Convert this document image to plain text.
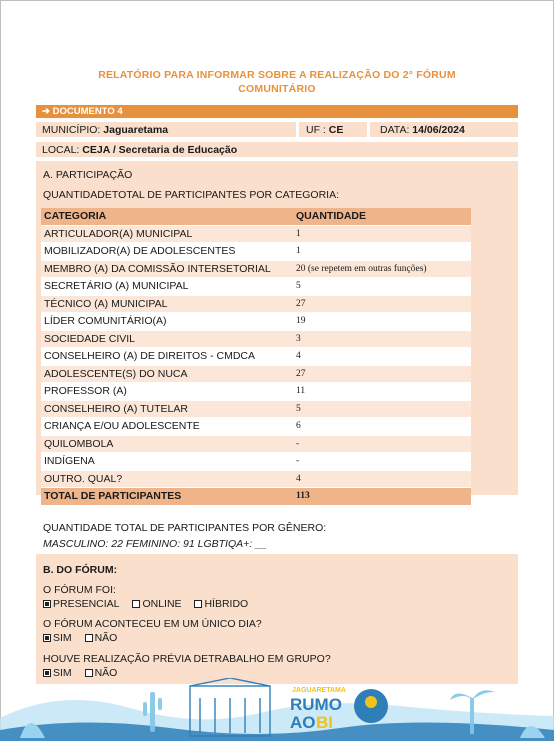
RELATÓRIO PARA INFORMAR SOBRE A REALIZAÇÃO DO 2° FÓRUM
COMUNITÁRIO
➔ DOCUMENTO 4
MUNICÍPIO: Jaguaretama	UF : CE	DATA: 14/06/2024
LOCAL: CEJA / Secretaria de Educação
A. PARTICIPAÇÃO
QUANTIDADETOTAL DE PARTICIPANTES POR CATEGORIA:
CATEGORIA	QUANTIDADE
ARTICULADOR(A) MUNICIPAL	1
MOBILIZADOR(A) DE ADOLESCENTES	1
MEMBRO (A) DA COMISSÃO INTERSETORIAL	20 (se repetem em outras funções)
SECRETÁRIO (A) MUNICIPAL	5
TÉCNICO (A) MUNICIPAL	27
LÍDER COMUNITÁRIO(A)	19
SOCIEDADE CIVIL	3
CONSELHEIRO (A) DE DIREITOS - CMDCA	4
ADOLESCENTE(S) DO NUCA	27
PROFESSOR (A)	11
CONSELHEIRO (A) TUTELAR	5
CRIANÇA E/OU ADOLESCENTE	6
QUILOMBOLA	-
INDÍGENA	-
OUTRO. QUAL?	4
TOTAL DE PARTICIPANTES	113
QUANTIDADE TOTAL DE PARTICIPANTES POR GÊNERO:
MASCULINO: 22 FEMININO: 91 LGBTIQA+: __
B. DO FÓRUM:
O FÓRUM FOI:
PRESENCIAL ONLINE HÍBRIDO
O FÓRUM ACONTECEU EM UM ÚNICO DIA?
SIM NÃO
HOUVE REALIZAÇÃO PRÉVIA DETRABALHO EM GRUPO?
SIM NÃO
JAGUARETAMA
RUMO
AO BI
